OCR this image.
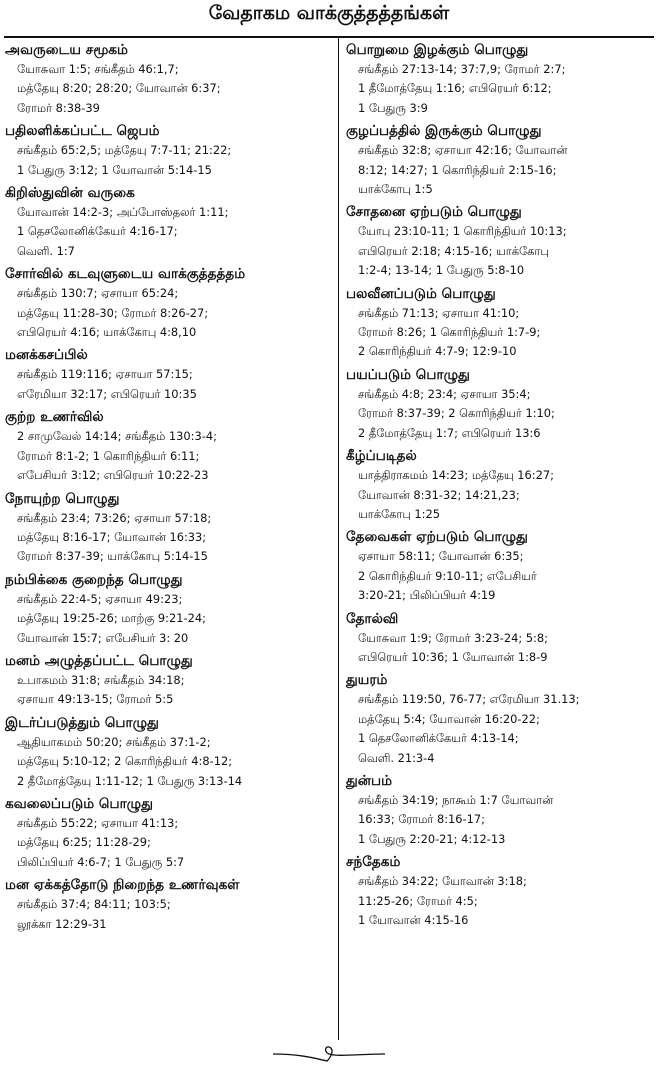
வேதாகம வாக்குத்தத்தங்கள்
அவருடைய சமூகம்
யோசுவா 1:5; சங்கீதம் 46:1,7;
மத்தேயு 8:20; 28:20; யோவான் 6:37;
ரோமர் 8:38-39
பதிலளிக்கப்பட்ட ஜெபம்
சங்கீதம் 65:2,5; மத்தேயு 7:7-11; 21:22;
1 பேதுரு 3:12; 1 யோவான் 5:14-15
கிறிஸ்துவின் வருகை
யோவான் 14:2-3; அப்போஸ்தலர் 1:11;
1 தெசலோனிக்கேயர் 4:16-17;
வெளி. 1:7
சோர்வில் கடவுளுடைய வாக்குத்தத்தம்
சங்கீதம் 130:7; ஏசாயா 65:24;
மத்தேயு 11:28-30; ரோமர் 8:26-27;
எபிரெயர் 4:16; யாக்கோபு 4:8,10
மனக்கசப்பில்
சங்கீதம் 119:116; ஏசாயா 57:15;
எரேமியா 32:17; எபிரெயர் 10:35
குற்ற உணர்வில்
2 சாமுவேல் 14:14; சங்கீதம் 130:3-4;
ரோமர் 8:1-2; 1 கொரிந்தியர் 6:11;
எபேசியர் 3:12; எபிரெயர் 10:22-23
நோயுற்ற பொழுது
சங்கீதம் 23:4; 73:26; ஏசாயா 57:18;
மத்தேயு 8:16-17; யோவான் 16:33;
ரோமர் 8:37-39; யாக்கோபு 5:14-15
நம்பிக்கை குறைந்த பொழுது
சங்கீதம் 22:4-5; ஏசாயா 49:23;
மத்தேயு 19:25-26; மாற்கு 9:21-24;
யோவான் 15:7; எபேசியர் 3: 20
மனம் அழுத்தப்பட்ட பொழுது
உபாகமம் 31:8; சங்கீதம் 34:18;
ஏசாயா 49:13-15; ரோமர் 5:5
இடர்ப்படுத்தும் பொழுது
ஆதியாகமம் 50:20; சங்கீதம் 37:1-2;
மத்தேயு 5:10-12; 2 கொரிந்தியர் 4:8-12;
2 தீமோத்தேயு 1:11-12; 1 பேதுரு 3:13-14
கவலைப்படும் பொழுது
சங்கீதம் 55:22; ஏசாயா 41:13;
மத்தேயு 6:25; 11:28-29;
பிலிப்பியர் 4:6-7; 1 பேதுரு 5:7
மன ஏக்கத்தோடு நிறைந்த உணர்வுகள்
சங்கீதம் 37:4; 84:11; 103:5;
லூக்கா 12:29-31
பொறுமை இழக்கும் பொழுது
சங்கீதம் 27:13-14; 37:7,9; ரோமர் 2:7;
1 தீமோத்தேயு 1:16; எபிரெயர் 6:12;
1 பேதுரு 3:9
குழப்பத்தில் இருக்கும் பொழுது
சங்கீதம் 32:8; ஏசாயா 42:16; யோவான்
8:12; 14:27; 1 கொரிந்தியர் 2:15-16;
யாக்கோபு 1:5
சோதனை ஏற்படும் பொழுது
யோபு 23:10-11; 1 கொரிந்தியர் 10:13;
எபிரெயர் 2:18; 4:15-16; யாக்கோபு
1:2-4; 13-14; 1 பேதுரு 5:8-10
பலவீனப்படும் பொழுது
சங்கீதம் 71:13; ஏசாயா 41:10;
ரோமர் 8:26; 1 கொரிந்தியர் 1:7-9;
2 கொரிந்தியர் 4:7-9; 12:9-10
பயப்படும் பொழுது
சங்கீதம் 4:8; 23:4; ஏசாயா 35:4;
ரோமர் 8:37-39; 2 கொரிந்தியர் 1:10;
2 தீமோத்தேயு 1:7; எபிரெயர் 13:6
கீழ்ப்படிதல்
யாத்திராகமம் 14:23; மத்தேயு 16:27;
யோவான் 8:31-32; 14:21,23;
யாக்கோபு 1:25
தேவைகள் ஏற்படும் பொழுது
ஏசாயா 58:11; யோவான் 6:35;
2 கொரிந்தியர் 9:10-11; எபேசியர்
3:20-21; பிலிப்பியர் 4:19
தோல்வி
யோசுவா 1:9; ரோமர் 3:23-24; 5:8;
எபிரெயர் 10:36; 1 யோவான் 1:8-9
துயரம்
சங்கீதம் 119:50, 76-77; எரேமியா 31.13;
மத்தேயு 5:4; யோவான் 16:20-22;
1 தெசலோனிக்கேயர் 4:13-14;
வெளி. 21:3-4
துன்பம்
சங்கீதம் 34:19; நாகூம் 1:7 யோவான்
16:33; ரோமர் 8:16-17;
1 பேதுரு 2:20-21; 4:12-13
சந்தேகம்
சங்கீதம் 34:22; யோவான் 3:18;
11:25-26; ரோமர் 4:5;
1 யோவான் 4:15-16
